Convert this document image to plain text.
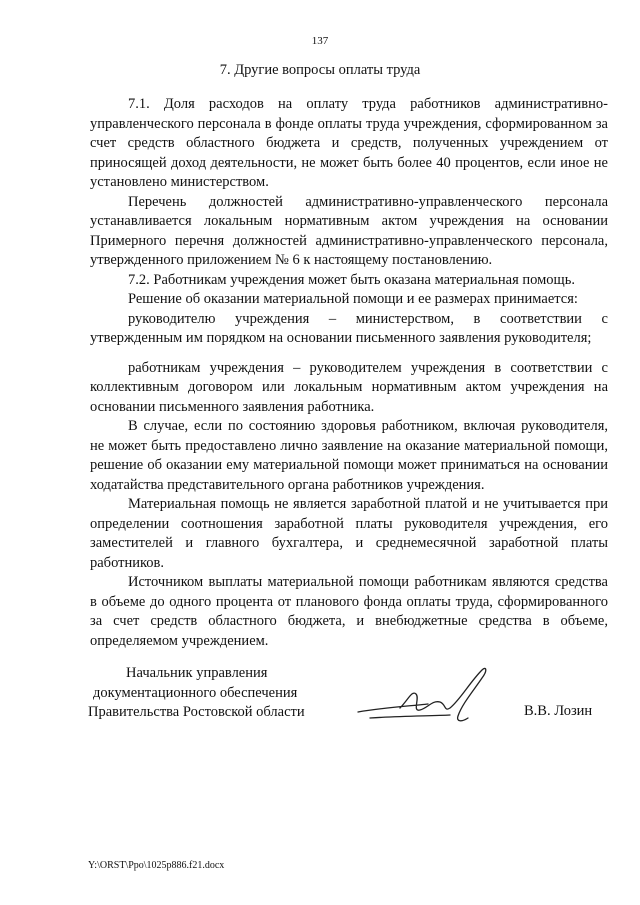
137
7. Другие вопросы оплаты труда

7.1. Доля расходов на оплату труда работников административно-управленческого персонала в фонде оплаты труда учреждения, сформированном за счет средств областного бюджета и средств, полученных учреждением от приносящей доход деятельности, не может быть более 40 процентов, если иное не установлено министерством.

Перечень должностей административно-управленческого персонала устанавливается локальным нормативным актом учреждения на основании Примерного перечня должностей административно-управленческого персонала, утвержденного приложением № 6 к настоящему постановлению.

7.2. Работникам учреждения может быть оказана материальная помощь.

Решение об оказании материальной помощи и ее размерах принимается:

руководителю учреждения – министерством, в соответствии с утвержденным им порядком на основании письменного заявления руководителя;

работникам учреждения – руководителем учреждения в соответствии с коллективным договором или локальным нормативным актом учреждения на основании письменного заявления работника.

В случае, если по состоянию здоровья работником, включая руководителя, не может быть предоставлено лично заявление на оказание материальной помощи, решение об оказании ему материальной помощи может приниматься на основании ходатайства представительного органа работников учреждения.

Материальная помощь не является заработной платой и не учитывается при определении соотношения заработной платы руководителя учреждения, его заместителей и главного бухгалтера, и среднемесячной заработной платы работников.

Источником выплаты материальной помощи работникам являются средства в объеме до одного процента от планового фонда оплаты труда, сформированного за счет средств областного бюджета, и внебюджетные средства в объеме, определяемом учреждением.

Начальник управления
документационного обеспечения
Правительства Ростовской области	В.В. Лозин
Y:\ORST\Ppo\1025p886.f21.docx
